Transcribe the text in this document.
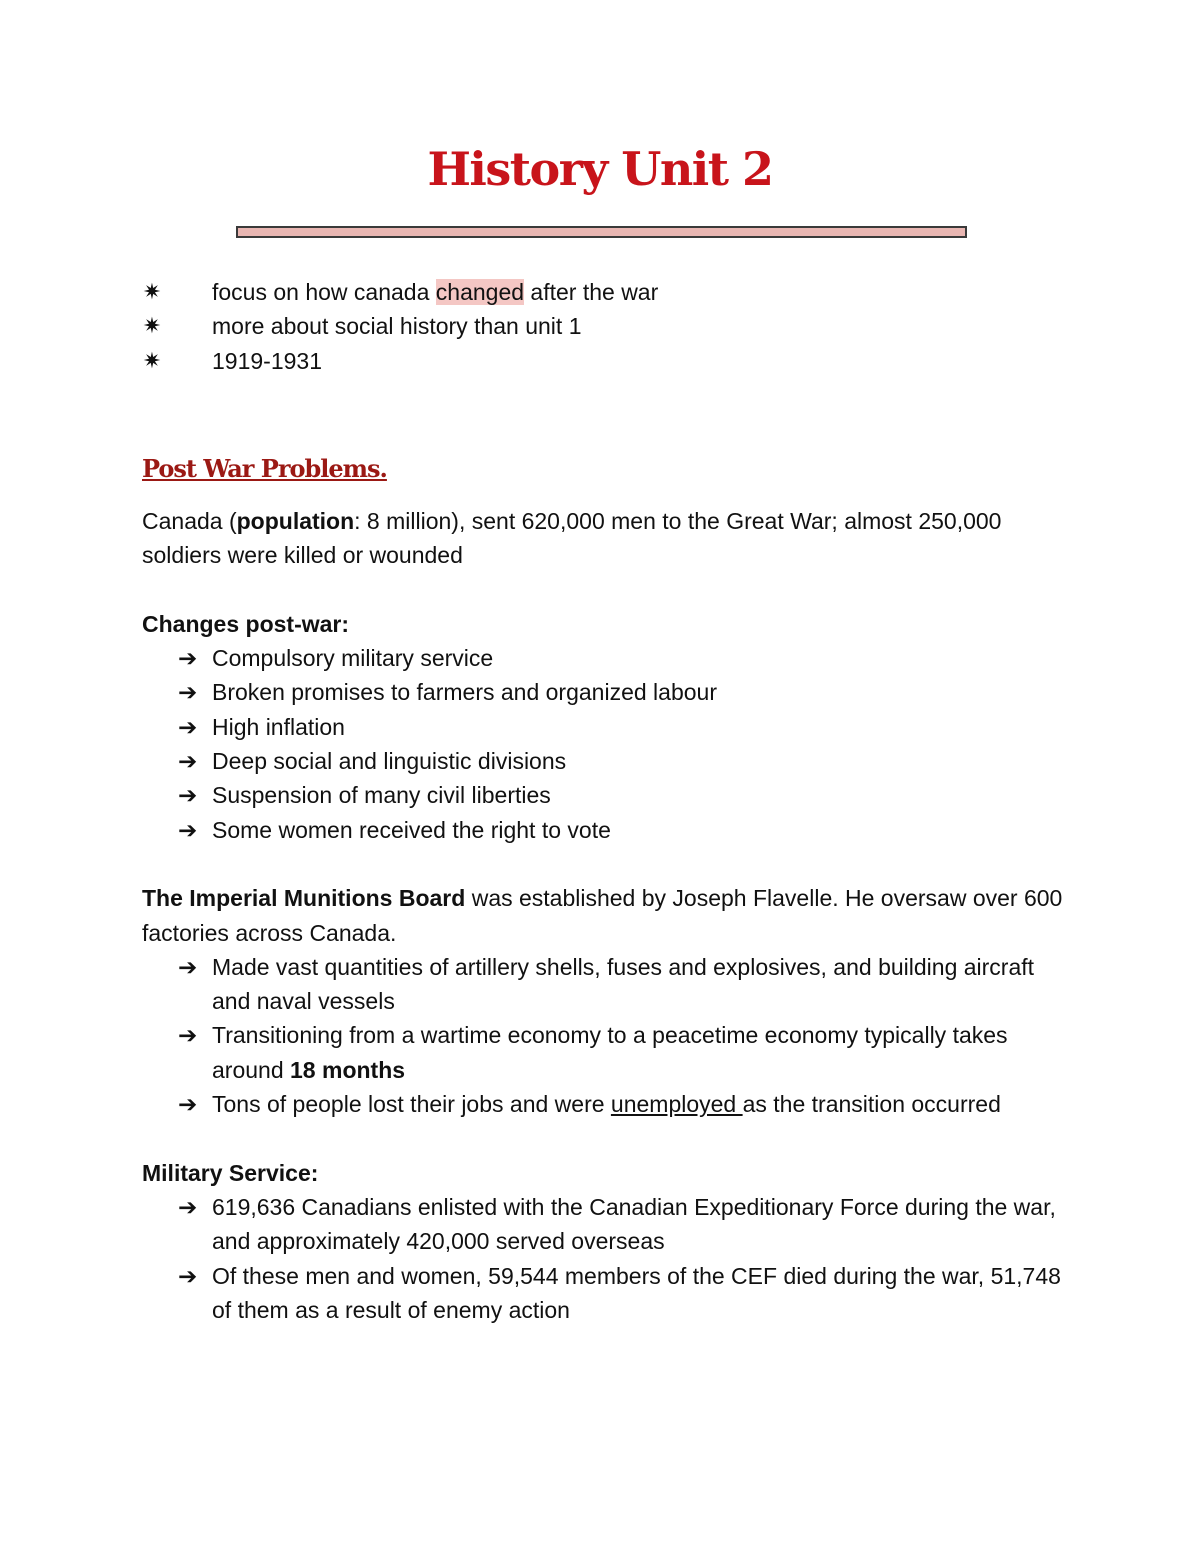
History Unit 2
✷ focus on how canada changed after the war
✷ more about social history than unit 1
✷ 1919-1931
Post War Problems.

Canada (population: 8 million), sent 620,000 men to the Great War; almost 250,000 soldiers were killed or wounded

Changes post-war:

➔ Compulsory military service
➔ Broken promises to farmers and organized labour
➔ High inflation
➔ Deep social and linguistic divisions
➔ Suspension of many civil liberties
➔ Some women received the right to vote

The Imperial Munitions Board was established by Joseph Flavelle. He oversaw over 600 factories across Canada.

➔ Made vast quantities of artillery shells, fuses and explosives, and building aircraft and naval vessels
➔ Transitioning from a wartime economy to a peacetime economy typically takes around 18 months
➔ Tons of people lost their jobs and were unemployed as the transition occurred

Military Service:

➔ 619,636 Canadians enlisted with the Canadian Expeditionary Force during the war, and approximately 420,000 served overseas
➔ Of these men and women, 59,544 members of the CEF died during the war, 51,748 of them as a result of enemy action
